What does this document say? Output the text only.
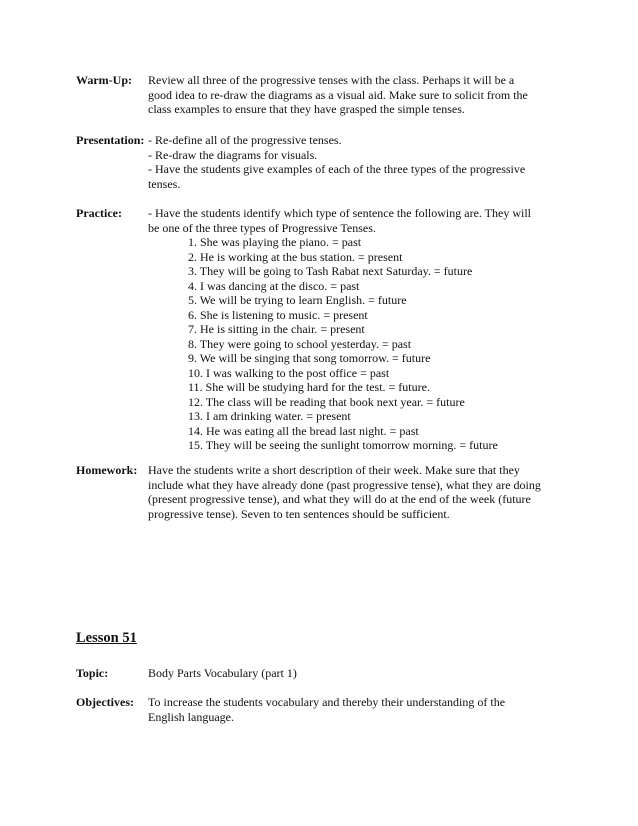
Warm-Up: Review all three of the progressive tenses with the class. Perhaps it will be a
good idea to re-draw the diagrams as a visual aid. Make sure to solicit from the
class examples to ensure that they have grasped the simple tenses.
Presentation: - Re-define all of the progressive tenses.
- Re-draw the diagrams for visuals.
- Have the students give examples of each of the three types of the progressive
tenses.
Practice: - Have the students identify which type of sentence the following are. They will
be one of the three types of Progressive Tenses.
1. She was playing the piano. = past
2. He is working at the bus station. = present
3. They will be going to Tash Rabat next Saturday. = future
4. I was dancing at the disco. = past
5. We will be trying to learn English. = future
6. She is listening to music. = present
7. He is sitting in the chair. = present
8. They were going to school yesterday. = past
9. We will be singing that song tomorrow. = future
10. I was walking to the post office = past
11. She will be studying hard for the test. = future.
12. The class will be reading that book next year. = future
13. I am drinking water. = present
14. He was eating all the bread last night. = past
15. They will be seeing the sunlight tomorrow morning. = future
Homework: Have the students write a short description of their week. Make sure that they
include what they have already done (past progressive tense), what they are doing
(present progressive tense), and what they will do at the end of the week (future
progressive tense). Seven to ten sentences should be sufficient.
Lesson 51
Topic:	Body Parts Vocabulary (part 1)
Objectives: To increase the students vocabulary and thereby their understanding of the
English language.
